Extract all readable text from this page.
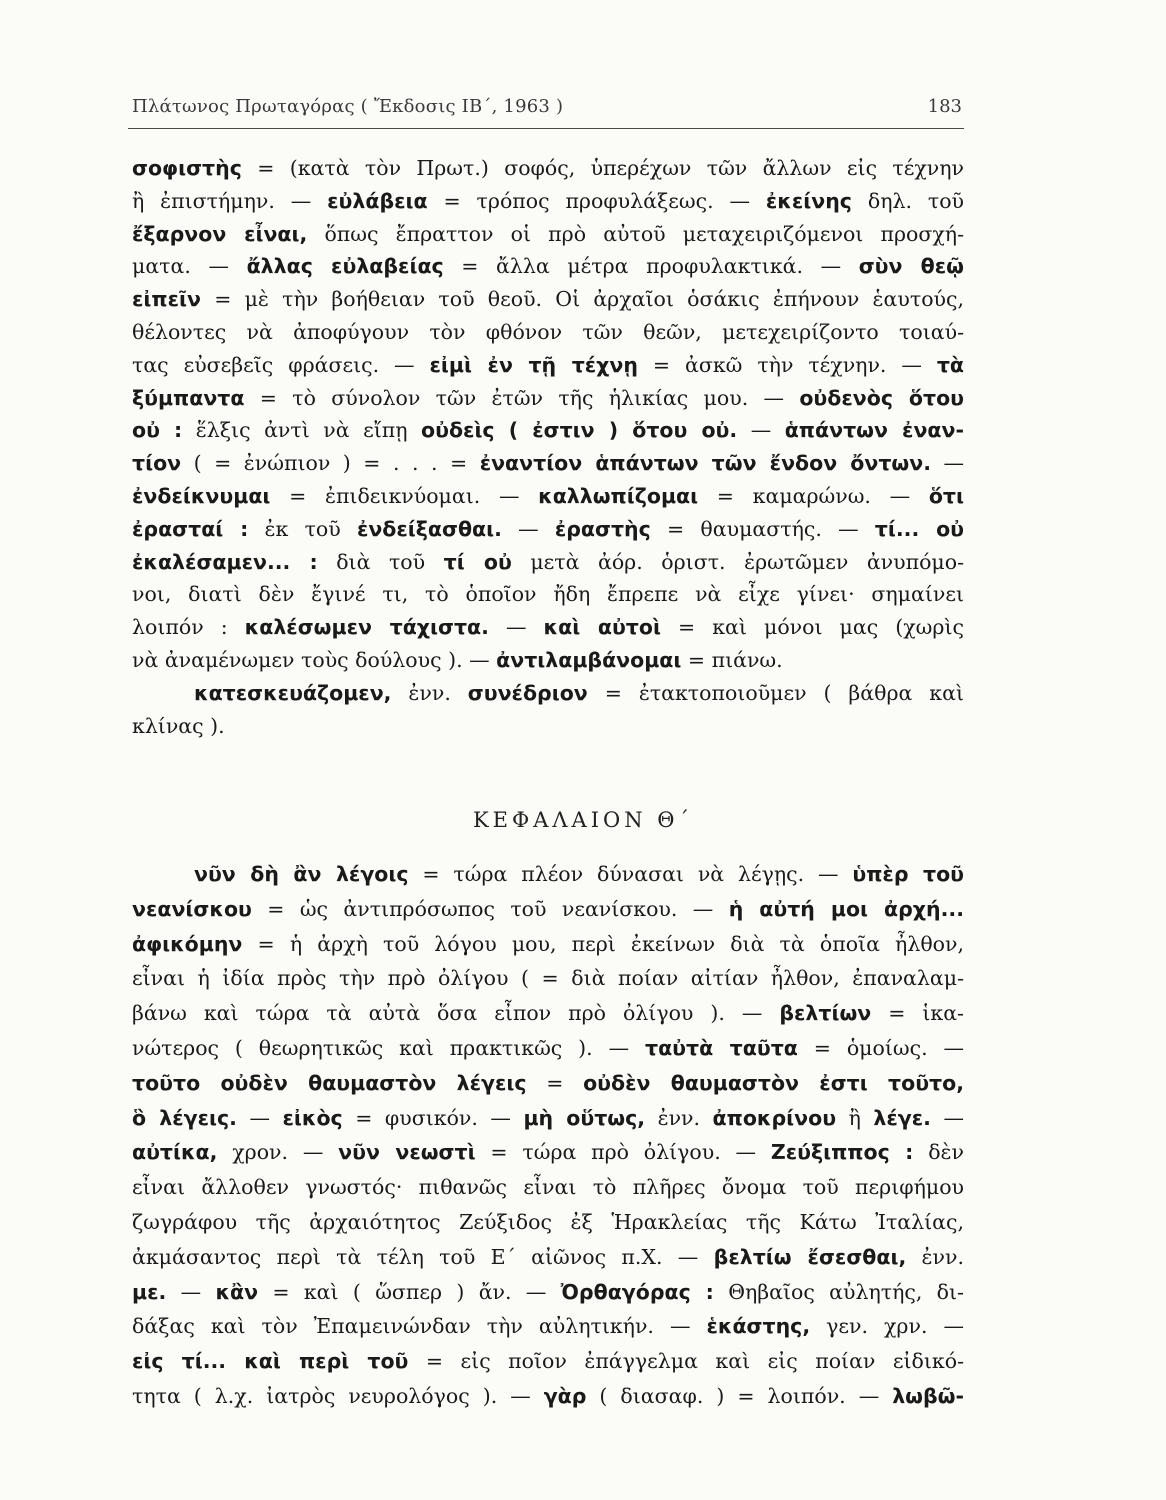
Πλάτωνος Πρωταγόρας ( Ἔκδοσις ΙΒ΄, 1963 )	183
σοφιστὴς = (κατὰ τὸν Πρωτ.) σοφός, ὑπερέχων τῶν ἄλλων εἰς τέχνην
ἢ ἐπιστήμην. — εὐλάβεια = τρόπος προφυλάξεως. — ἐκείνης δηλ. τοῦ
ἔξαρνον εἶναι, ὅπως ἔπραττον οἱ πρὸ αὐτοῦ μεταχειριζόμενοι προσχή-
ματα. — ἄλλας εὐλαβείας = ἄλλα μέτρα προφυλακτικά. — σὺν θεῷ
εἰπεῖν = μὲ τὴν βοήθειαν τοῦ θεοῦ. Οἱ ἀρχαῖοι ὁσάκις ἐπήνουν ἑαυτούς,
θέλοντες νὰ ἀποφύγουν τὸν φθόνον τῶν θεῶν, μετεχειρίζοντο τοιαύ-
τας εὐσεβεῖς φράσεις. — εἰμὶ ἐν τῇ τέχνῃ = ἀσκῶ τὴν τέχνην. — τὰ
ξύμπαντα = τὸ σύνολον τῶν ἐτῶν τῆς ἡλικίας μου. — οὐδενὸς ὅτου
οὐ : ἕλξις ἀντὶ νὰ εἴπῃ οὐδεὶς ( ἐστιν ) ὅτου οὐ. — ἁπάντων ἐναν-
τίον ( = ἐνώπιον ) = . . . = ἐναντίον ἁπάντων τῶν ἔνδον ὄντων. —
ἐνδείκνυμαι = ἐπιδεικνύομαι. — καλλωπίζομαι = καμαρώνω. — ὅτι
ἐρασταί : ἐκ τοῦ ἐνδείξασθαι. — ἐραστὴς = θαυμαστής. — τί... οὐ
ἐκαλέσαμεν... : διὰ τοῦ τί οὐ μετὰ ἀόρ. ὁριστ. ἐρωτῶμεν ἀνυπόμο-
νοι, διατὶ δὲν ἔγινέ τι, τὸ ὁποῖον ἤδη ἔπρεπε νὰ εἶχε γίνει· σημαίνει
λοιπόν : καλέσωμεν τάχιστα. — καὶ αὐτοὶ = καὶ μόνοι μας (χωρὶς
νὰ ἀναμένωμεν τοὺς δούλους ). — ἀντιλαμβάνομαι = πιάνω.
κατεσκευάζομεν, ἐνν. συνέδριον = ἐτακτοποιοῦμεν ( βάθρα καὶ
κλίνας ).
ΚΕΦΑΛΑΙΟΝ Θ΄
νῦν δὴ ἂν λέγοις = τώρα πλέον δύνασαι νὰ λέγῃς. — ὑπὲρ τοῦ
νεανίσκου = ὡς ἀντιπρόσωπος τοῦ νεανίσκου. — ἡ αὐτή μοι ἀρχή...
ἀφικόμην = ἡ ἀρχὴ τοῦ λόγου μου, περὶ ἐκείνων διὰ τὰ ὁποῖα ἦλθον,
εἶναι ἡ ἰδία πρὸς τὴν πρὸ ὀλίγου ( = διὰ ποίαν αἰτίαν ἦλθον, ἐπαναλαμ-
βάνω καὶ τώρα τὰ αὐτὰ ὅσα εἶπον πρὸ ὀλίγου ). — βελτίων = ἱκα-
νώτερος ( θεωρητικῶς καὶ πρακτικῶς ). — ταὐτὰ ταῦτα = ὁμοίως. —
τοῦτο οὐδὲν θαυμαστὸν λέγεις = οὐδὲν θαυμαστὸν ἐστι τοῦτο,
ὃ λέγεις. — εἰκὸς = φυσικόν. — μὴ οὕτως, ἐνν. ἀποκρίνου ἢ λέγε. —
αὐτίκα, χρον. — νῦν νεωστὶ = τώρα πρὸ ὀλίγου. — Ζεύξιππος : δὲν
εἶναι ἄλλοθεν γνωστός· πιθανῶς εἶναι τὸ πλῆρες ὄνομα τοῦ περιφήμου
ζωγράφου τῆς ἀρχαιότητος Ζεύξιδος ἐξ Ἡρακλείας τῆς Κάτω Ἰταλίας,
ἀκμάσαντος περὶ τὰ τέλη τοῦ Ε΄ αἰῶνος π.Χ. — βελτίω ἔσεσθαι, ἐνν.
με. — κἂν = καὶ ( ὥσπερ ) ἄν. — Ὀρθαγόρας : Θηβαῖος αὐλητής, δι-
δάξας καὶ τὸν Ἐπαμεινώνδαν τὴν αὐλητικήν. — ἑκάστης, γεν. χρν. —
εἰς τί... καὶ περὶ τοῦ = εἰς ποῖον ἐπάγγελμα καὶ εἰς ποίαν εἰδικό-
τητα ( λ.χ. ἰατρὸς νευρολόγος ). — γὰρ ( διασαφ. ) = λοιπόν. — λωβῶ-
